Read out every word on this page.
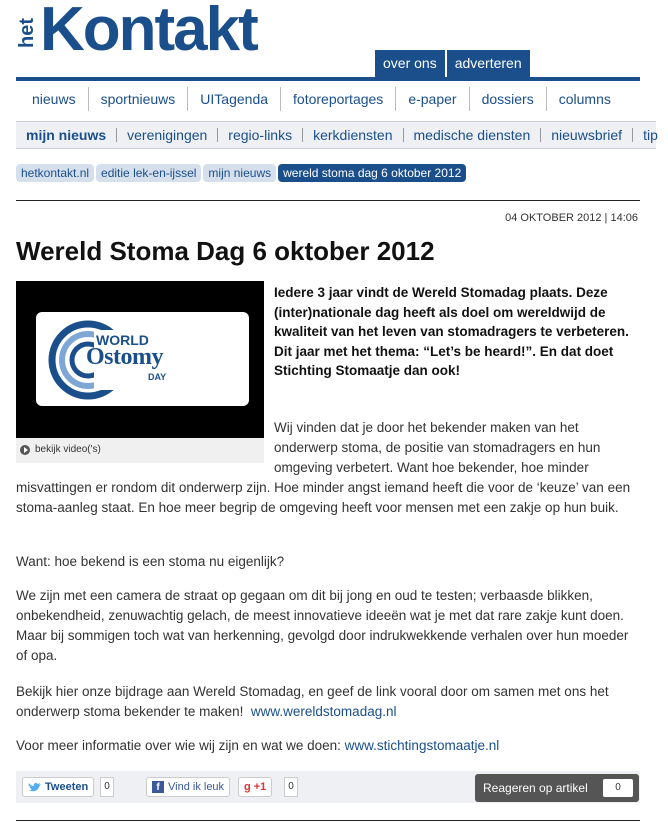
het Kontakt	over ons	adverteren
nieuws	sportnieuws	UITagenda	fotoreportages	e-paper	dossiers	columns
mijn nieuws	verenigingen	regio-links	kerkdiensten	medische diensten	nieuwsbrief	tip
hetkontakt.nl	editie lek-en-ijssel	mijn nieuws	wereld stoma dag 6 oktober 2012
04 OKTOBER 2012 | 14:06
Wereld Stoma Dag 6 oktober 2012
WORLD
Ostomy
DAY
bekijk video('s)

Iedere 3 jaar vindt de Wereld Stomadag plaats. Deze (inter)nationale dag heeft als doel om wereldwijd de kwaliteit van het leven van stomadragers te verbeteren. Dit jaar met het thema: “Let’s be heard!”. En dat doet Stichting Stomaatje dan ook!

Wij vinden dat je door het bekender maken van het onderwerp stoma, de positie van stomadragers en hun omgeving verbetert. Want hoe bekender, hoe minder

misvattingen er rondom dit onderwerp zijn. Hoe minder angst iemand heeft die voor de ‘keuze’ van een stoma-aanleg staat. En hoe meer begrip de omgeving heeft voor mensen met een zakje op hun buik.

Want: hoe bekend is een stoma nu eigenlijk?

We zijn met een camera de straat op gegaan om dit bij jong en oud te testen; verbaasde blikken, onbekendheid, zenuwachtig gelach, de meest innovatieve ideeën wat je met dat rare zakje kunt doen. Maar bij sommigen toch wat van herkenning, gevolgd door indrukwekkende verhalen over hun moeder of opa.

Bekijk hier onze bijdrage aan Wereld Stomadag, en geef de link vooral door om samen met ons het onderwerp stoma bekender te maken! www.wereldstomadag.nl

Voor meer informatie over wie wij zijn en wat we doen: www.stichtingstomaatje.nl

Tweeten	0	f Vind ik leuk g +1	0	Reageren op artikel	0
